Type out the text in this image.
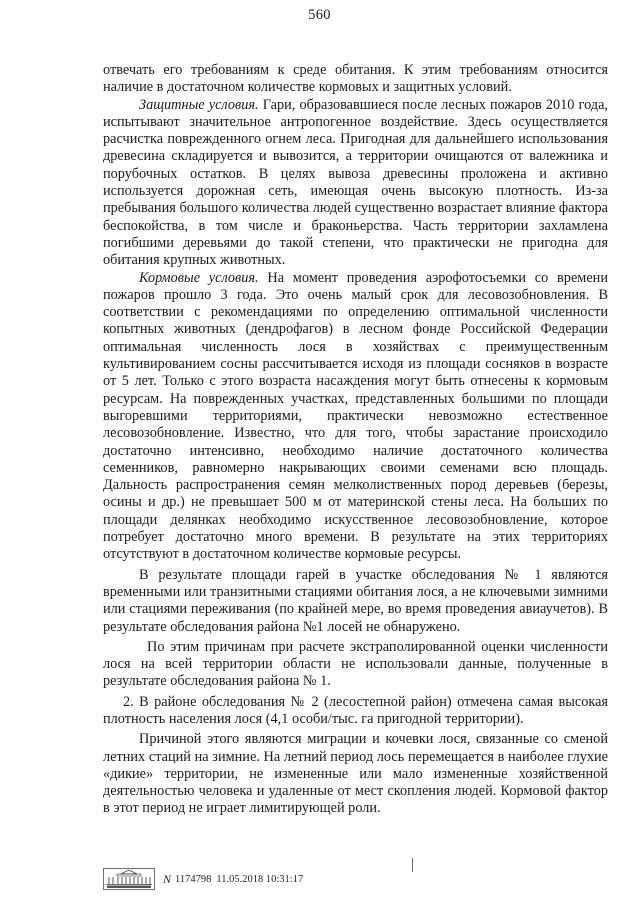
560

отвечать его требованиям к среде обитания. К этим требованиям относится наличие в достаточном количестве кормовых и защитных условий.

Защитные условия. Гари, образовавшиеся после лесных пожаров 2010 года, испытывают значительное антропогенное воздействие. Здесь осуществляется расчистка поврежденного огнем леса. Пригодная для дальнейшего использования древесина складируется и вывозится, а территории очищаются от валежника и порубочных остатков. В целях вывоза древесины проложена и активно используется дорожная сеть, имеющая очень высокую плотность. Из-за пребывания большого количества людей существенно возрастает влияние фактора беспокойства, в том числе и браконьерства. Часть территории захламлена погибшими деревьями до такой степени, что практически не пригодна для обитания крупных животных.

Кормовые условия. На момент проведения аэрофотосъемки со времени пожаров прошло 3 года. Это очень малый срок для лесовозобновления. В соответствии с рекомендациями по определению оптимальной численности копытных животных (дендрофагов) в лесном фонде Российской Федерации оптимальная численность лося в хозяйствах с преимущественным культивированием сосны рассчитывается исходя из площади сосняков в возрасте от 5 лет. Только с этого возраста насаждения могут быть отнесены к кормовым ресурсам. На поврежденных участках, представленных большими по площади выгоревшими территориями, практически невозможно естественное лесовозобновление. Известно, что для того, чтобы зарастание происходило достаточно интенсивно, необходимо наличие достаточного количества семенников, равномерно накрывающих своими семенами всю площадь. Дальность распространения семян мелколиственных пород деревьев (березы, осины и др.) не превышает 500 м от материнской стены леса. На больших по площади делянках необходимо искусственное лесовозобновление, которое потребует достаточно много времени. В результате на этих территориях отсутствуют в достаточном количестве кормовые ресурсы.

В результате площади гарей в участке обследования № 1 являются временными или транзитными стациями обитания лося, а не ключевыми зимними или стациями переживания (по крайней мере, во время проведения авиаучетов). В результате обследования района №1 лосей не обнаружено.

По этим причинам при расчете экстраполированной оценки численности лося на всей территории области не использовали данные, полученные в результате обследования района № 1.

2. В районе обследования № 2 (лесостепной район) отмечена самая высокая плотность населения лося (4,1 особи/тыс. га пригодной территории).

Причиной этого являются миграции и кочевки лося, связанные со сменой летних стаций на зимние. На летний период лось перемещается в наиболее глухие «дикие» территории, не измененные или мало измененные хозяйственной деятельностью человека и удаленные от мест скопления людей. Кормовой фактор в этот период не играет лимитирующей роли.

N 1174798 11.05.2018 10:31:17
